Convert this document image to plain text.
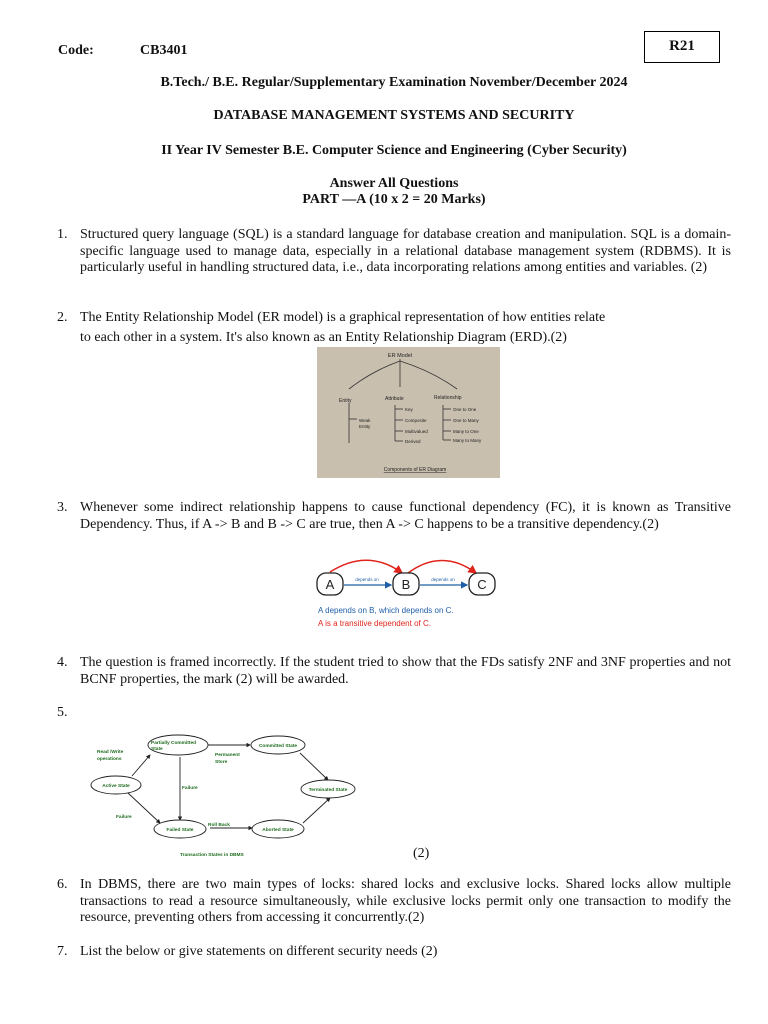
Code:	CB3401	R21
B.Tech./ B.E. Regular/Supplementary Examination November/December 2024
DATABASE MANAGEMENT SYSTEMS AND SECURITY
II Year IV Semester B.E. Computer Science and Engineering (Cyber Security)
Answer All Questions
PART —A (10 x 2 = 20 Marks)
1. Structured query language (SQL) is a standard language for database creation and manipulation. SQL is a domain-specific language used to manage data, especially in a relational database management system (RDBMS). It is particularly useful in handling structured data, i.e., data incorporating relations among entities and variables. (2)
2. The Entity Relationship Model (ER model) is a graphical representation of how entities relate
to each other in a system. It's also known as an Entity Relationship Diagram (ERD).(2)
ER Model
Entity	Attribute	Relationship
Weak
Entity
Key
Composite
Multivalued
Derived
One to One
One to Many
Many to One
Many to Many
Components of ER Diagram
3. Whenever some indirect relationship happens to cause functional dependency (FC), it is known as Transitive Dependency. Thus, if A -> B and B -> C are true, then A -> C happens to be a transitive dependency.(2)
A	B	C
depends on	depends on
A depends on B, which depends on C.
A is a transitive dependent of C.
4. The question is framed incorrectly. If the student tried to show that the FDs satisfy 2NF and 3NF properties and not BCNF properties, the mark (2) will be awarded.
5.
Partially Committed
State
Committed State
Active State
Terminated State
Failed State	Aborted State
Read /Write
operations
Permanent
Store
Failure
Failure
Roll Back
Transaction States in DBMS	(2)
6. In DBMS, there are two main types of locks: shared locks and exclusive locks. Shared locks allow multiple transactions to read a resource simultaneously, while exclusive locks permit only one transaction to modify the resource, preventing others from accessing it concurrently.(2)
7. List the below or give statements on different security needs (2)
